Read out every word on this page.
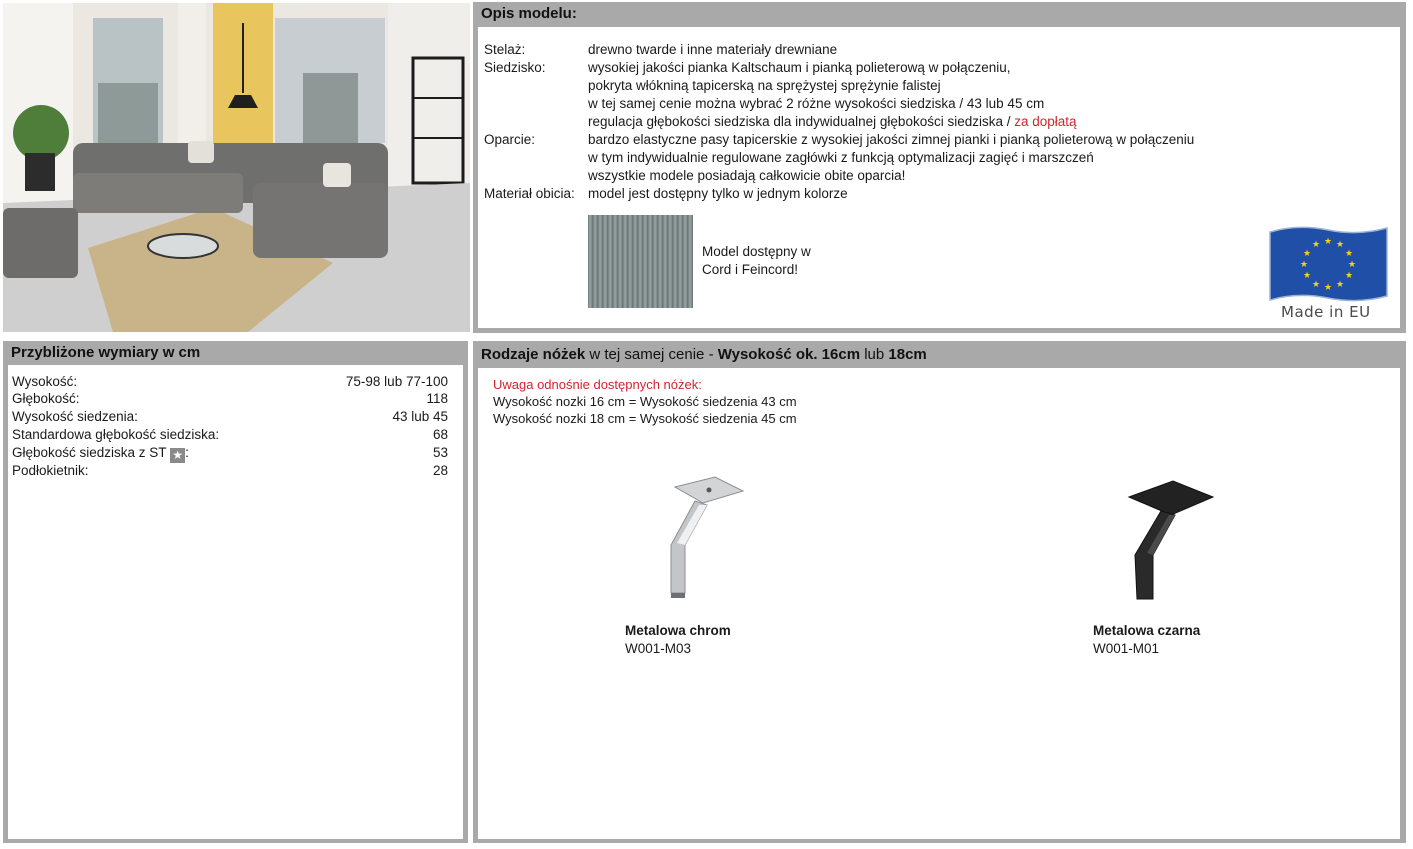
Opis modelu:
Stelaż:	drewno twarde i inne materiały drewniane
Siedzisko:	wysokiej jakości pianka Kaltschaum i pianką polieterową w połączeniu,
pokryta włókniną tapicerską na sprężystej sprężynie falistej
w tej samej cenie można wybrać 2 różne wysokości siedziska / 43 lub 45 cm
regulacja głębokości siedziska dla indywidualnej głębokości siedziska / za dopłatą
Oparcie:	bardzo elastyczne pasy tapicerskie z wysokiej jakości zimnej pianki i pianką polieterową w połączeniu
w tym indywidualnie regulowane zagłówki z funkcją optymalizacji zagięć i marszczeń
wszystkie modele posiadają całkowicie obite oparcia!
Materiał obicia: model jest dostępny tylko w jednym kolorze
Model dostępny w
Cord i Feincord!
★ ★
★
★
★
★
★
★
★
★
★
★
Made in EU
Przybliżone wymiary w cm
Wysokość:	75-98 lub 77-100
Głębokość:	118
Wysokość siedzenia:	43 lub 45
Standardowa głębokość siedziska:	68
Głębokość siedziska z ST ★ :	53
Podłokietnik:	28
Rodzaje nóżek w tej samej cenie - Wysokość ok. 16cm lub 18cm
Uwaga odnośnie dostępnych nóżek:
Wysokość nozki 16 cm = Wysokość siedzenia 43 cm
Wysokość nozki 18 cm = Wysokość siedzenia 45 cm
Metalowa chrom
W001-M03
Metalowa czarna
W001-M01
